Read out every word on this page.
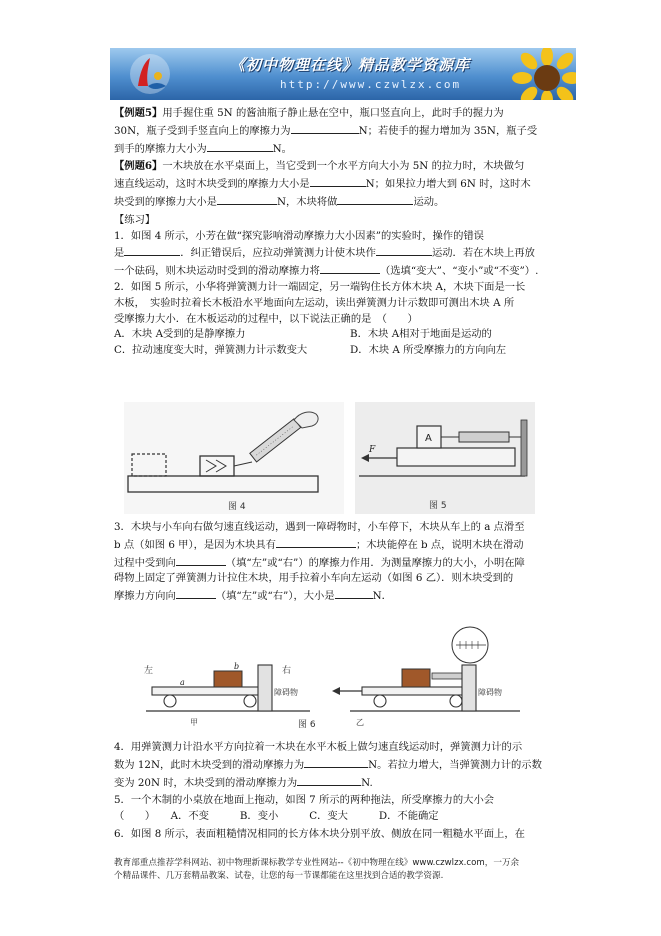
《初中物理在线》精品教学资源库
http://www.czwlzx.com

【例题5】用手握住重 5N 的酱油瓶子静止悬在空中，瓶口竖直向上，此时手的握力为

30N，瓶子受到手竖直向上的摩擦力为	N；若使手的握力增加为 35N，瓶子受

到手的摩擦力大小为	N。

【例题6】一木块放在水平桌面上，当它受到一个水平方向大小为 5N 的拉力时，木块做匀

速直线运动，这时木块受到的摩擦力大小是	N；如果拉力增大到 6N 时，这时木

块受到的摩擦力大小是	N，木块将做	运动。

【练习】

1．如图 4 所示，小芳在做“探究影响滑动摩擦力大小因素”的实验时，操作的错误

是	．纠正错误后，应拉动弹簧测力计使木块作	运动．若在木块上再放

一个砝码，则木块运动时受到的滑动摩擦力将	（选填“变大”、“变小”或“不变”）.

2．如图 5 所示，小华将弹簧测力计一端固定，另一端钩住长方体木块 A，木块下面是一长

木板，　实验时拉着长木板沿水平地面向左运动，读出弹簧测力计示数即可测出木块 A 所

受摩擦力大小．在木板运动的过程中，以下说法正确的是　（　　）

A．木块 A受到的是静摩擦力	B．木块 A相对于地面是运动的

C．拉动速度变大时，弹簧测力计示数变大	D．木块 A 所受摩擦力的方向向左

图 4
A
F
图 5

3．木块与小车向右做匀速直线运动，遇到一障碍物时，小车停下，木块从车上的 a 点滑至

b 点（如图 6 甲），是因为木块具有	；木块能停在 b 点，说明木块在滑动

过程中受到向	（填“左”或“右”）的摩擦力作用．为测量摩擦力的大小，小明在障

碍物上固定了弹簧测力计拉住木块，用手拉着小车向左运动（如图 6 乙）．则木块受到的

摩擦力方向向	（填“左”或“右”），大小是	N．

左	右
a
b
障碍物
甲	图 6
障碍物
乙

4．用弹簧测力计沿水平方向拉着一木块在水平木板上做匀速直线运动时，弹簧测力计的示

数为 12N，此时木块受到的滑动摩擦力为	N。若拉力增大，当弹簧测力计的示数

变为 20N 时，木块受到的滑动摩擦力为	N.

5．一个木制的小桌放在地面上拖动，如图 7 所示的两种拖法，所受摩擦力的大小会

（　　）　　A．不变　　　B．变小　　　C．变大　　　D．不能确定

6．如图 8 所示，表面粗糙情况相同的长方体木块分别平放、侧放在同一粗糙水平面上，在

教育部重点推荐学科网站、初中物理新课标教学专业性网站--《初中物理在线》www.czwlzx.com，一万余
个精品课件、几万套精品教案、试卷，让您的每一节课都能在这里找到合适的教学资源.
